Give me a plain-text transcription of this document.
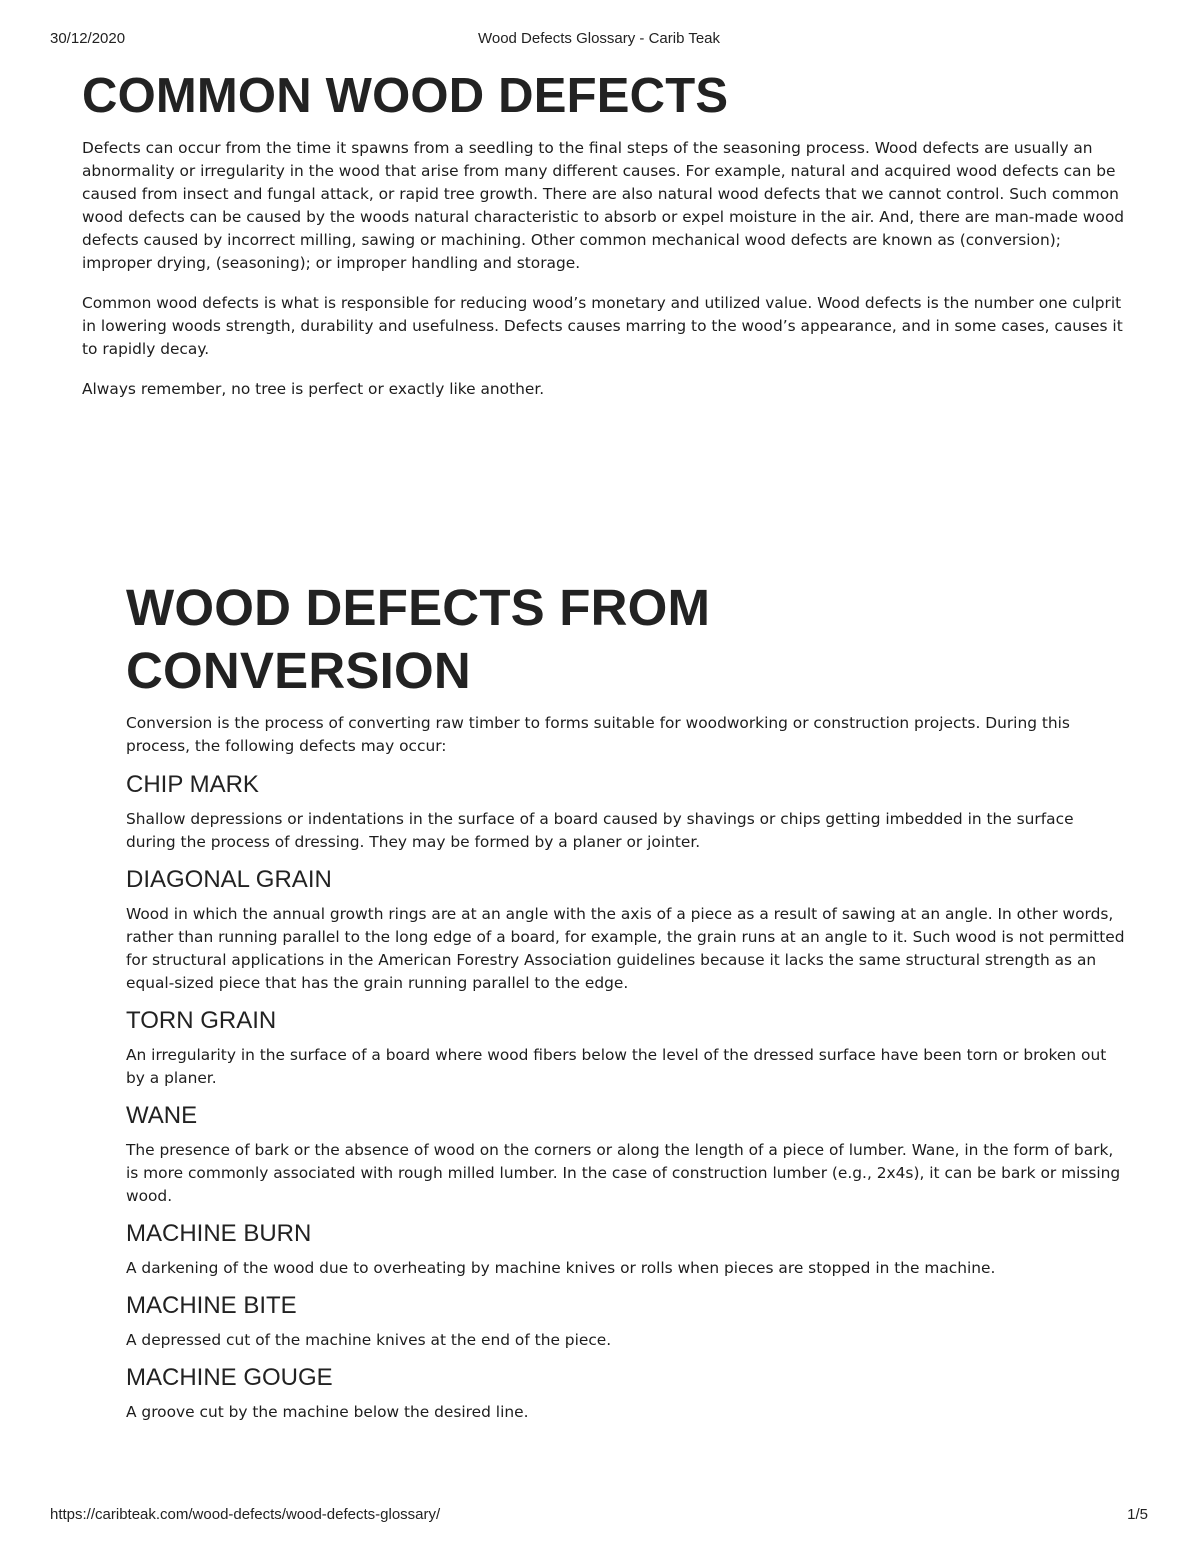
30/12/2020	Wood Defects Glossary - Carib Teak
COMMON WOOD DEFECTS

Defects can occur from the time it spawns from a seedling to the final steps of the seasoning process. Wood defects are usually an abnormality or irregularity in the wood that arise from many different causes. For example, natural and acquired wood defects can be caused from insect and fungal attack, or rapid tree growth. There are also natural wood defects that we cannot control. Such common wood defects can be caused by the woods natural characteristic to absorb or expel moisture in the air. And, there are man-made wood defects caused by incorrect milling, sawing or machining. Other common mechanical wood defects are known as (conversion); improper drying, (seasoning); or improper handling and storage.

Common wood defects is what is responsible for reducing wood’s monetary and utilized value. Wood defects is the number one culprit in lowering woods strength, durability and usefulness. Defects causes marring to the wood’s appearance, and in some cases, causes it to rapidly decay.

Always remember, no tree is perfect or exactly like another.

WOOD DEFECTS FROM
CONVERSION

Conversion is the process of converting raw timber to forms suitable for woodworking or construction projects. During this process, the following defects may occur:

CHIP MARK

Shallow depressions or indentations in the surface of a board caused by shavings or chips getting imbedded in the surface during the process of dressing. They may be formed by a planer or jointer.

DIAGONAL GRAIN

Wood in which the annual growth rings are at an angle with the axis of a piece as a result of sawing at an angle. In other words, rather than running parallel to the long edge of a board, for example, the grain runs at an angle to it. Such wood is not permitted for structural applications in the American Forestry Association guidelines because it lacks the same structural strength as an equal-sized piece that has the grain running parallel to the edge.

TORN GRAIN

An irregularity in the surface of a board where wood fibers below the level of the dressed surface have been torn or broken out by a planer.

WANE

The presence of bark or the absence of wood on the corners or along the length of a piece of lumber. Wane, in the form of bark, is more commonly associated with rough milled lumber. In the case of construction lumber (e.g., 2x4s), it can be bark or missing wood.

MACHINE BURN

A darkening of the wood due to overheating by machine knives or rolls when pieces are stopped in the machine.

MACHINE BITE

A depressed cut of the machine knives at the end of the piece.

MACHINE GOUGE

A groove cut by the machine below the desired line.

https://caribteak.com/wood-defects/wood-defects-glossary/	1/5
